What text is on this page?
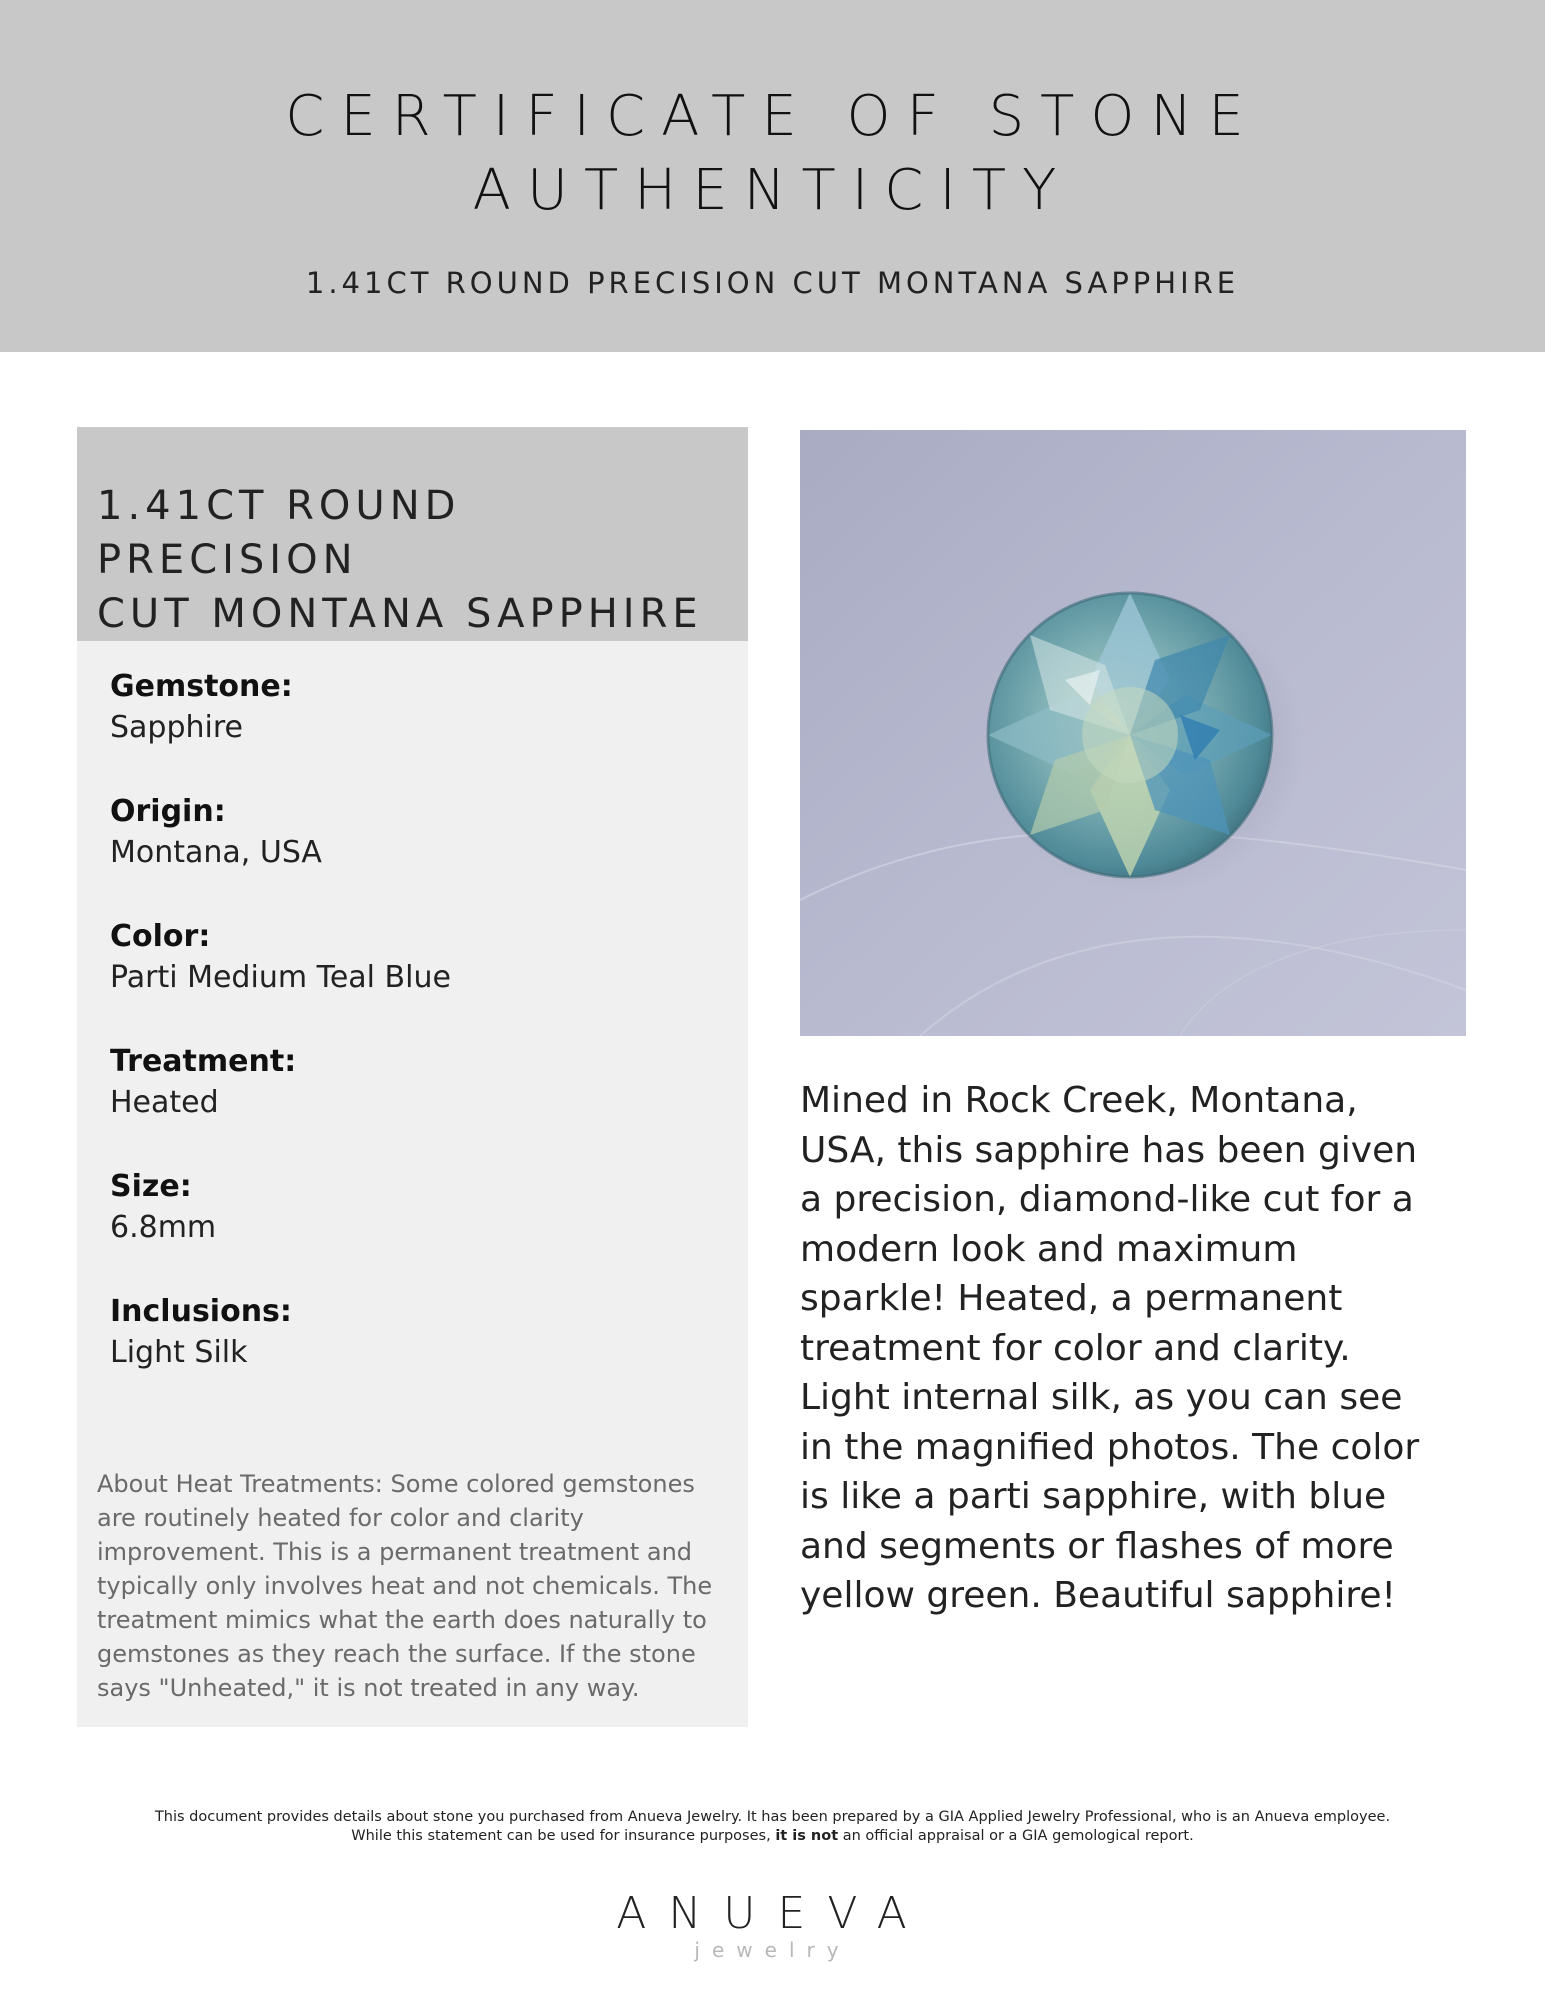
CERTIFICATE OF STONE
AUTHENTICITY
1.41CT ROUND PRECISION CUT MONTANA SAPPHIRE
1.41CT ROUND PRECISION
CUT MONTANA SAPPHIRE
Gemstone:
Sapphire
Origin:
Montana, USA
Color:
Parti Medium Teal Blue
Treatment:
Heated
Size:
6.8mm
Inclusions:
Light Silk
About Heat Treatments: Some colored gemstones are routinely heated for color and clarity improvement. This is a permanent treatment and typically only involves heat and not chemicals. The treatment mimics what the earth does naturally to gemstones as they reach the surface. If the stone says "Unheated," it is not treated in any way.
Mined in Rock Creek, Montana, USA, this sapphire has been given a precision, diamond-like cut for a modern look and maximum sparkle! Heated, a permanent treatment for color and clarity. Light internal silk, as you can see in the magnified photos. The color is like a parti sapphire, with blue and segments or flashes of more yellow green. Beautiful sapphire!
This document provides details about stone you purchased from Anueva Jewelry. It has been prepared by a GIA Applied Jewelry Professional, who is an Anueva employee.
While this statement can be used for insurance purposes, it is not an official appraisal or a GIA gemological report.
ANUEVA
jewelry
